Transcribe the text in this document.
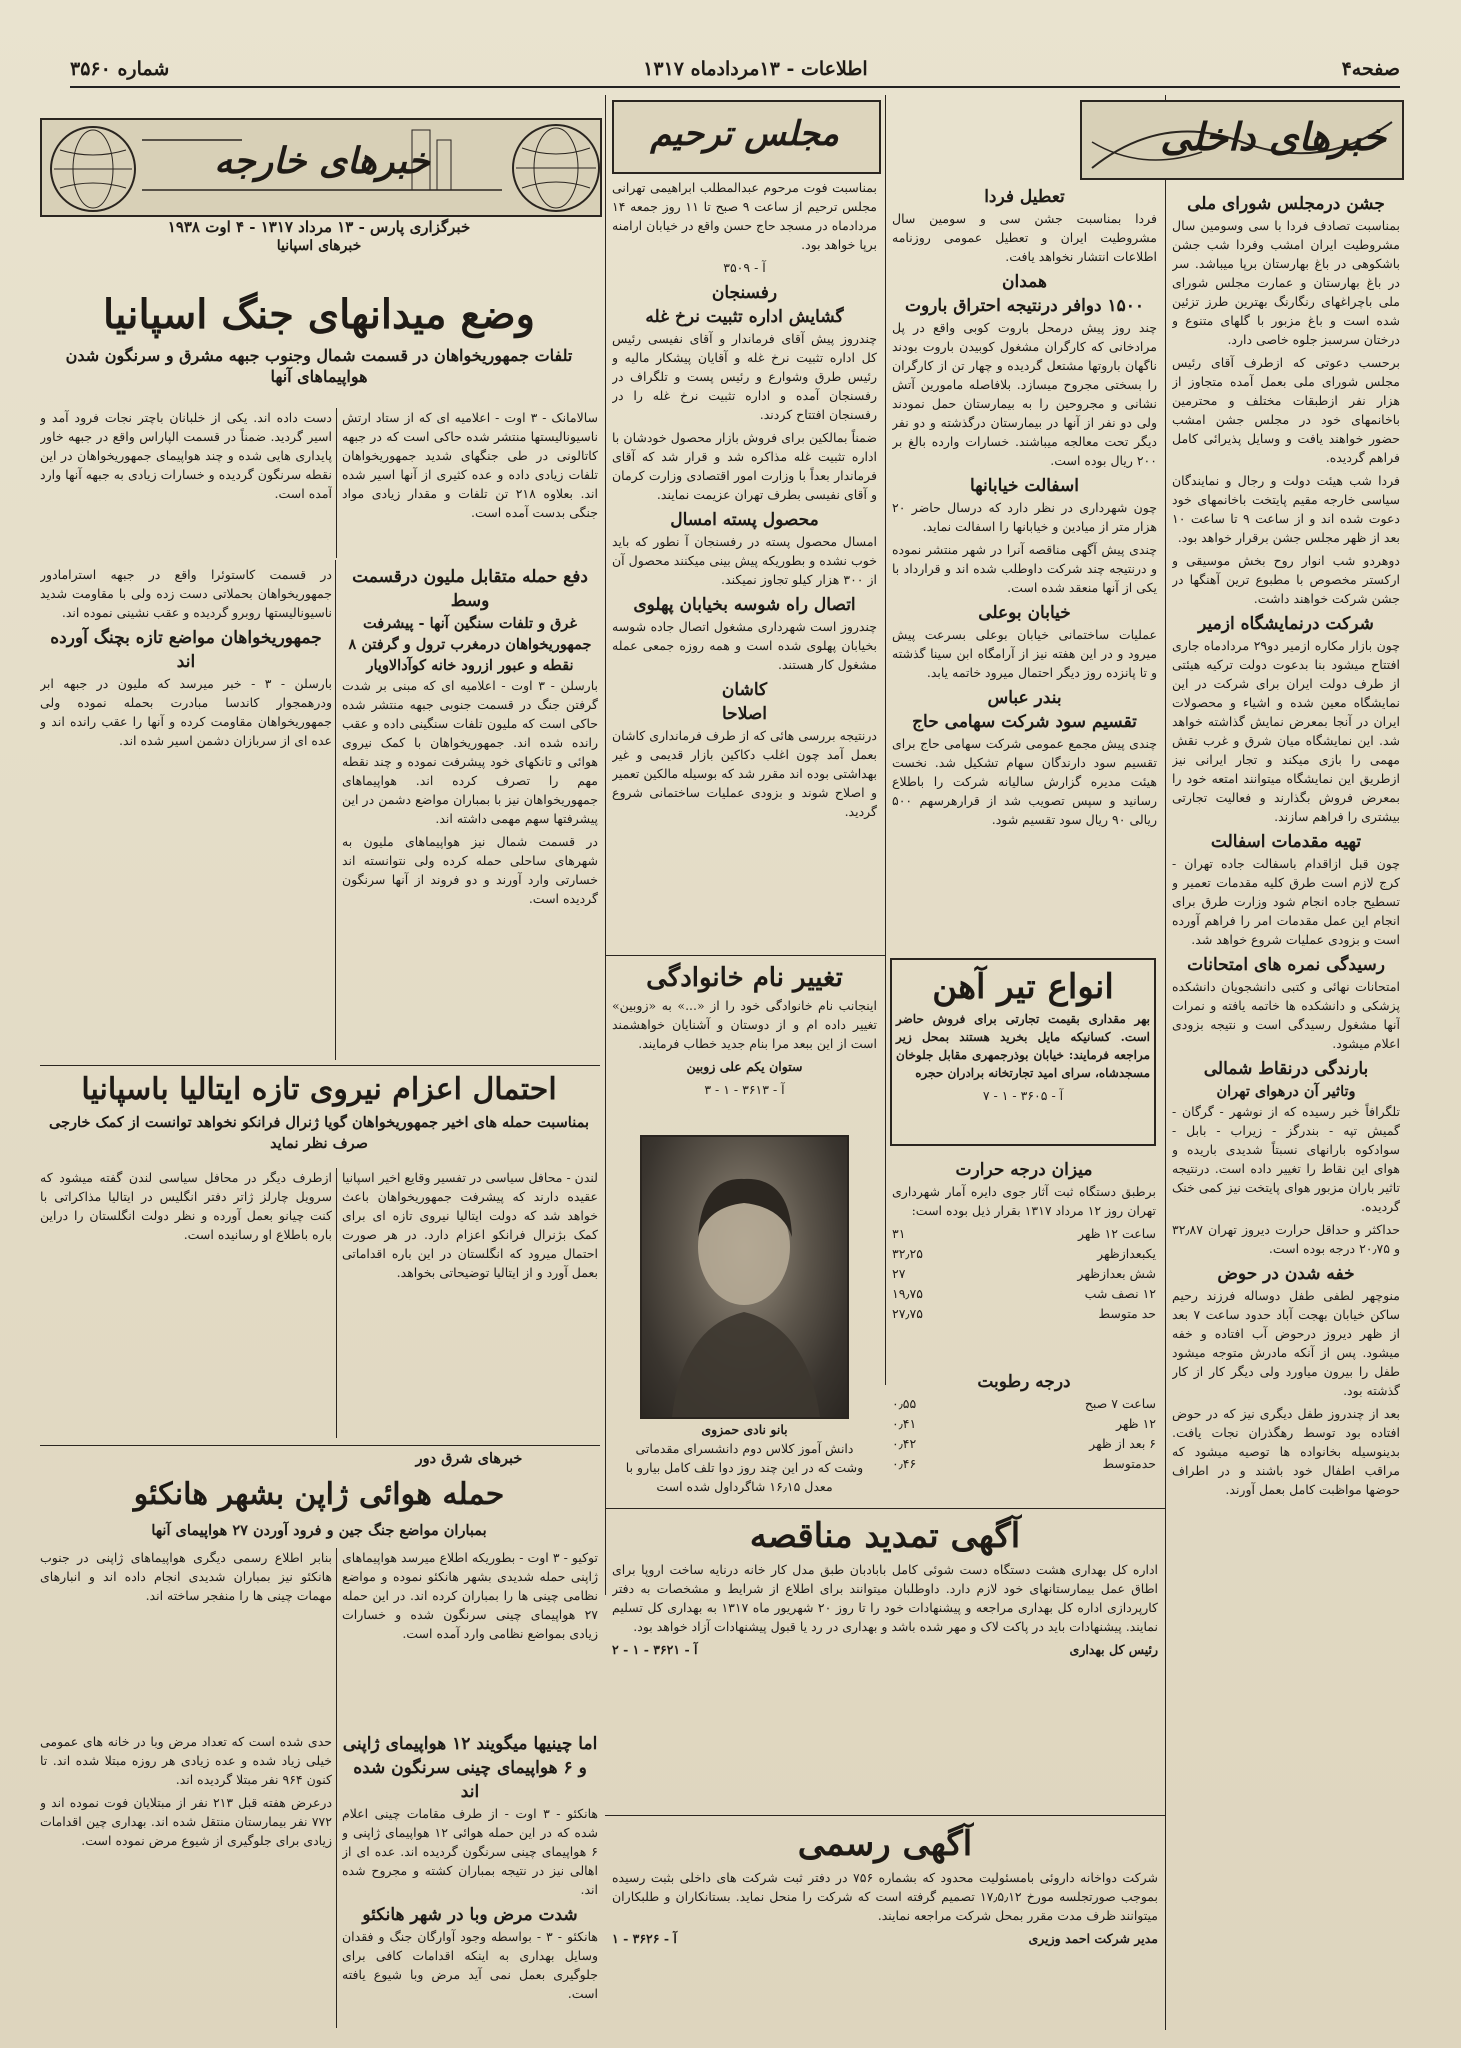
صفحه۴
اطلاعات - ۱۳مردادماه ۱۳۱۷
شماره ۳۵۶۰
خبرهای داخلی
جشن درمجلس شورای ملی

بمناسبت تصادف فردا با سی وسومین سال مشروطیت ایران امشب وفردا شب جشن باشکوهی در باغ بهارستان برپا میباشد. سر در باغ بهارستان و عمارت مجلس شورای ملی باچراغهای رنگارنگ بهترین طرز تزئین شده است و باغ مزبور با گلهای متنوع و درختان سرسبز جلوه خاصی دارد.

برحسب دعوتی که ازطرف آقای رئیس مجلس شورای ملی بعمل آمده متجاوز از هزار نفر ازطبقات مختلف و محترمین باخانمهای خود در مجلس جشن امشب حضور خواهند یافت و وسایل پذیرائی کامل فراهم گردیده.

فردا شب هیئت دولت و رجال و نمایندگان سیاسی خارجه مقیم پایتخت باخانمهای خود دعوت شده اند و از ساعت ۹ تا ساعت ۱۰ بعد از ظهر مجلس جشن برقرار خواهد بود.

دوهردو شب انوار روح بخش موسیقی و ارکستر مخصوص با مطبوع ترین آهنگها در جشن شرکت خواهند داشت.

شرکت درنمایشگاه ازمیر

چون بازار مکاره ازمیر دو۲۹ مردادماه جاری افتتاح میشود بنا بدعوت دولت ترکیه هیئتی از طرف دولت ایران برای شرکت در این نمایشگاه معین شده و اشیاء و محصولات ایران در آنجا بمعرض نمایش گذاشته خواهد شد. این نمایشگاه میان شرق و غرب نقش مهمی را بازی میکند و تجار ایرانی نیز ازطریق این نمایشگاه میتوانند امتعه خود را بمعرض فروش بگذارند و فعالیت تجارتی بیشتری را فراهم سازند.

تهیه مقدمات اسفالت

چون قبل ازاقدام باسفالت جاده تهران - کرج لازم است طرق کلیه مقدمات تعمیر و تسطیح جاده انجام شود وزارت طرق برای انجام این عمل مقدمات امر را فراهم آورده است و بزودی عملیات شروع خواهد شد.

رسیدگی نمره های امتحانات

امتحانات نهائی و کتبی دانشجویان دانشکده پزشکی و دانشکده ها خاتمه یافته و نمرات آنها مشغول رسیدگی است و نتیجه بزودی اعلام میشود.

بارندگی درنقاط شمالی
وتاثیر آن درهوای تهران

تلگرافاً خبر رسیده که از نوشهر - گرگان - گمیش تپه - بندرگز - زیراب - بابل - سوادکوه بارانهای نسبتاً شدیدی باریده و هوای این نقاط را تغییر داده است. درنتیجه تاثیر باران مزبور هوای پایتخت نیز کمی خنک گردیده.

حداکثر و حداقل حرارت دیروز تهران ۳۲٫۸۷ و ۲۰٫۷۵ درجه بوده است.

خفه شدن در حوض

منوچهر لطفی طفل دوساله فرزند رحیم ساکن خیابان بهجت آباد حدود ساعت ۷ بعد از ظهر دیروز درحوض آب افتاده و خفه میشود. پس از آنکه مادرش متوجه میشود طفل را بیرون میاورد ولی دیگر کار از کار گذشته بود.

بعد از چندروز طفل دیگری نیز که در حوض افتاده بود توسط رهگذران نجات یافت. بدینوسیله بخانواده ها توصیه میشود که مراقب اطفال خود باشند و در اطراف حوضها مواظبت کامل بعمل آورند.

تعطیل فردا

فردا بمناسبت جشن سی و سومین سال مشروطیت ایران و تعطیل عمومی روزنامه اطلاعات انتشار نخواهد یافت.

همدان
۱۵۰۰ دوافر درنتیجه احتراق باروت

چند روز پیش درمحل باروت کوبی واقع در پل مرادخانی که کارگران مشغول کوبیدن باروت بودند ناگهان باروتها مشتعل گردیده و چهار تن از کارگران را بسختی مجروح میسازد. بلافاصله مامورین آتش نشانی و مجروحین را به بیمارستان حمل نمودند ولی دو نفر از آنها در بیمارستان درگذشته و دو نفر دیگر تحت معالجه میباشند. خسارات وارده بالغ بر ۲۰۰ ریال بوده است.

اسفالت خیابانها

چون شهرداری در نظر دارد که درسال حاضر ۲۰ هزار متر از میادین و خیابانها را اسفالت نماید.

چندی پیش آگهی مناقصه آنرا در شهر منتشر نموده و درنتیجه چند شرکت داوطلب شده اند و قرارداد با یکی از آنها منعقد شده است.

خیابان بوعلی

عملیات ساختمانی خیابان بوعلی بسرعت پیش میرود و در این هفته نیز از آرامگاه ابن سینا گذشته و تا پانزده روز دیگر احتمال میرود خاتمه یابد.

بندر عباس
تقسیم سود شرکت سهامی حاج

چندی پیش مجمع عمومی شرکت سهامی حاج برای تقسیم سود دارندگان سهام تشکیل شد. نخست هیئت مدیره گزارش سالیانه شرکت را باطلاع رسانید و سپس تصویب شد از قرارهرسهم ۵۰۰ ریالی ۹۰ ریال سود تقسیم شود.

انواع تیر آهن

بهر مقداری بقیمت تجارتی برای فروش حاضر است. کسانیکه مایل بخرید هستند بمحل زیر مراجعه فرمایند: خیابان بوذرجمهری مقابل جلوخان مسجدشاه، سرای امید تجارتخانه برادران حجره

آ - ۳۶۰۵ - ۱ - ۷

میزان درجه حرارت

برطبق دستگاه ثبت آثار جوی دایره آمار شهرداری تهران روز ۱۲ مرداد ۱۳۱۷ بقرار ذیل بوده است:

ساعت ۱۲ ظهر
۳۱
یکبعدازظهر
۳۲٫۲۵
شش بعدازظهر
۲۷
۱۲ نصف شب
۱۹٫۷۵
حد متوسط
۲۷٫۷۵
مجلس ترحیم

بمناسبت فوت مرحوم عبدالمطلب ابراهیمی تهرانی مجلس ترحیم از ساعت ۹ صبح تا ۱۱ روز جمعه ۱۴ مردادماه در مسجد حاج حسن واقع در خیابان ارامنه برپا خواهد بود.

آ - ۳۵۰۹

رفسنجان
گشایش اداره تثبیت نرخ غله

چندروز پیش آقای فرماندار و آقای نفیسی رئیس کل اداره تثبیت نرخ غله و آقایان پیشکار مالیه و رئیس طرق وشوارع و رئیس پست و تلگراف در رفسنجان آمده و اداره تثبیت نرخ غله را در رفسنجان افتتاح کردند.

ضمناً بمالکین برای فروش بازار محصول خودشان با اداره تثبیت غله مذاکره شد و قرار شد که آقای فرماندار بعداً با وزارت امور اقتصادی وزارت کرمان و آقای نفیسی بطرف تهران عزیمت نمایند.

محصول پسته امسال

امسال محصول پسته در رفسنجان آ نطور که باید خوب نشده و بطوریکه پیش بینی میکنند محصول آن از ۳۰۰ هزار کیلو تجاوز نمیکند.

اتصال راه شوسه بخیابان پهلوی

چندروز است شهرداری مشغول اتصال جاده شوسه بخیابان پهلوی شده است و همه روزه جمعی عمله مشغول کار هستند.

کاشان
اصلاحا

درنتیجه بررسی هائی که از طرف فرمانداری کاشان بعمل آمد چون اغلب دکاکین بازار قدیمی و غیر بهداشتی بوده اند مقرر شد که بوسیله مالکین تعمیر و اصلاح شوند و بزودی عملیات ساختمانی شروع گردید.

تغییر نام خانوادگی

اینجانب نام خانوادگی خود را از «...» به «زوبین» تغییر داده ام و از دوستان و آشنایان خواهشمند است از این ببعد مرا بنام جدید خطاب فرمایند.

ستوان یکم علی زوبین

آ - ۳۶۱۳ - ۱ - ۳

بانو نادی حمزوی
دانش آموز کلاس دوم دانشسرای مقدماتی
وشت که در این چند روز دوا تلف کامل بیارو با معدل ۱۶٫۱۵ شاگرداول شده است
درجه رطوبت
ساعت ۷ صبح
۰٫۵۵
۱۲ ظهر
۰٫۴۱
۶ بعد از ظهر
۰٫۴۲
حدمتوسط
۰٫۴۶
آگهی تمدید مناقصه

اداره کل بهداری هشت دستگاه دست شوئی کامل بابادبان طبق مدل کار خانه درنایه ساخت اروپا برای اطاق عمل بیمارستانهای خود لازم دارد. داوطلبان میتوانند برای اطلاع از شرایط و مشخصات به دفتر کارپردازی اداره کل بهداری مراجعه و پیشنهادات خود را تا روز ۲۰ شهریور ماه ۱۳۱۷ به بهداری کل تسلیم نمایند. پیشنهادات باید در پاکت لاک و مهر شده باشد و بهداری در رد یا قبول پیشنهادات آزاد خواهد بود.

رئیس کل بهداری
آ - ۳۶۲۱ - ۱ - ۲
آگهی رسمی

شرکت دواخانه داروئی بامسئولیت محدود که بشماره ۷۵۶ در دفتر ثبت شرکت های داخلی بثبت رسیده بموجب صورتجلسه مورخ ۱۷٫۵٫۱۲ تصمیم گرفته است که شرکت را منحل نماید. بستانکاران و طلبکاران میتوانند ظرف مدت مقرر بمحل شرکت مراجعه نمایند.

مدیر شرکت احمد وزیری
آ - ۳۶۲۶ - ۱
خبرهای خارجه
خبرگزاری پارس - ۱۳ مرداد ۱۳۱۷ - ۴ اوت ۱۹۳۸
خبرهای اسپانیا
وضع میدانهای جنگ اسپانیا
تلفات جمهوریخواهان در قسمت شمال وجنوب جبهه مشرق و سرنگون شدن هواپیماهای آنها

سالامانک - ۳ اوت - اعلامیه ای که از ستاد ارتش ناسیونالیستها منتشر شده حاکی است که در جبهه کاتالونی در طی جنگهای شدید جمهوریخواهان تلفات زیادی داده و عده کثیری از آنها اسیر شده اند. بعلاوه ۲۱۸ تن تلفات و مقدار زیادی مواد جنگی بدست آمده است.

دست داده اند. یکی از خلبانان باچتر نجات فرود آمد و اسیر گردید. ضمناً در قسمت الپاراس واقع در جبهه خاور پایداری هایی شده و چند هواپیمای جمهوریخواهان در این نقطه سرنگون گردیده و خسارات زیادی به جبهه آنها وارد آمده است.

دفع حمله متقابل ملیون درقسمت وسط
غرق و تلفات سنگین آنها - پیشرفت جمهوریخواهان درمغرب ترول و گرفتن ۸ نقطه و عبور ازرود خانه کوآدالاویار

بارسلن - ۳ اوت - اعلامیه ای که مبنی بر شدت گرفتن جنگ در قسمت جنوبی جبهه منتشر شده حاکی است که ملیون تلفات سنگینی داده و عقب رانده شده اند. جمهوریخواهان با کمک نیروی هوائی و تانکهای خود پیشرفت نموده و چند نقطه مهم را تصرف کرده اند. هواپیماهای جمهوریخواهان نیز با بمباران مواضع دشمن در این پیشرفتها سهم مهمی داشته اند.

در قسمت شمال نیز هواپیماهای ملیون به شهرهای ساحلی حمله کرده ولی نتوانسته اند خسارتی وارد آورند و دو فروند از آنها سرنگون گردیده است.

در قسمت کاستوئرا واقع در جبهه استرامادور جمهوریخواهان بحملاتی دست زده ولی با مقاومت شدید ناسیونالیستها روبرو گردیده و عقب نشینی نموده اند.

جمهوریخواهان مواضع تازه بچنگ آورده اند

بارسلن - ۳ - خبر میرسد که ملیون در جبهه ابر ودرهمجوار کاندسا مبادرت بحمله نموده ولی جمهوریخواهان مقاومت کرده و آنها را عقب رانده اند و عده ای از سربازان دشمن اسیر شده اند.

احتمال اعزام نیروی تازه ایتالیا باسپانیا
بمناسبت حمله های اخیر جمهوریخواهان گویا ژنرال فرانکو نخواهد توانست از کمک خارجی صرف نظر نماید

لندن - محافل سیاسی در تفسیر وقایع اخیر اسپانیا عقیده دارند که پیشرفت جمهوریخواهان باعث خواهد شد که دولت ایتالیا نیروی تازه ای برای کمک بژنرال فرانکو اعزام دارد. در هر صورت احتمال میرود که انگلستان در این باره اقداماتی بعمل آورد و از ایتالیا توضیحاتی بخواهد.

ازطرف دیگر در محافل سیاسی لندن گفته میشود که سرویل چارلز ژاتر دفتر انگلیس در ایتالیا مذاکراتی با کنت چیانو بعمل آورده و نظر دولت انگلستان را دراین باره باطلاع او رسانیده است.

خبرهای شرق دور
حمله هوائی ژاپن بشهر هانکئو
بمباران مواضع جنگ جین و فرود آوردن ۲۷ هواپیمای آنها

توکیو - ۳ اوت - بطوریکه اطلاع میرسد هواپیماهای ژاپنی حمله شدیدی بشهر هانکئو نموده و مواضع نظامی چینی ها را بمباران کرده اند. در این حمله ۲۷ هواپیمای چینی سرنگون شده و خسارات زیادی بمواضع نظامی وارد آمده است.

بنابر اطلاع رسمی دیگری هواپیماهای ژاپنی در جنوب هانکئو نیز بمباران شدیدی انجام داده اند و انبارهای مهمات چینی ها را منفجر ساخته اند.

اما چینیها میگویند ۱۲ هواپیمای ژاپنی و ۶ هواپیمای چینی سرنگون شده اند

هانکئو - ۳ اوت - از طرف مقامات چینی اعلام شده که در این حمله هوائی ۱۲ هواپیمای ژاپنی و ۶ هواپیمای چینی سرنگون گردیده اند. عده ای از اهالی نیز در نتیجه بمباران کشته و مجروح شده اند.

شدت مرض وبا در شهر هانکئو

هانکئو - ۳ - بواسطه وجود آوارگان جنگ و فقدان وسایل بهداری به اینکه اقدامات کافی برای جلوگیری بعمل نمی آید مرض وبا شیوع یافته است.

حدی شده است که تعداد مرض وبا در خانه های عمومی خیلی زیاد شده و عده زیادی هر روزه مبتلا شده اند. تا کنون ۹۶۴ نفر مبتلا گردیده اند.

درعرض هفته قبل ۲۱۳ نفر از مبتلایان فوت نموده اند و ۷۷۲ نفر بیمارستان منتقل شده اند. بهداری چین اقدامات زیادی برای جلوگیری از شیوع مرض نموده است.
